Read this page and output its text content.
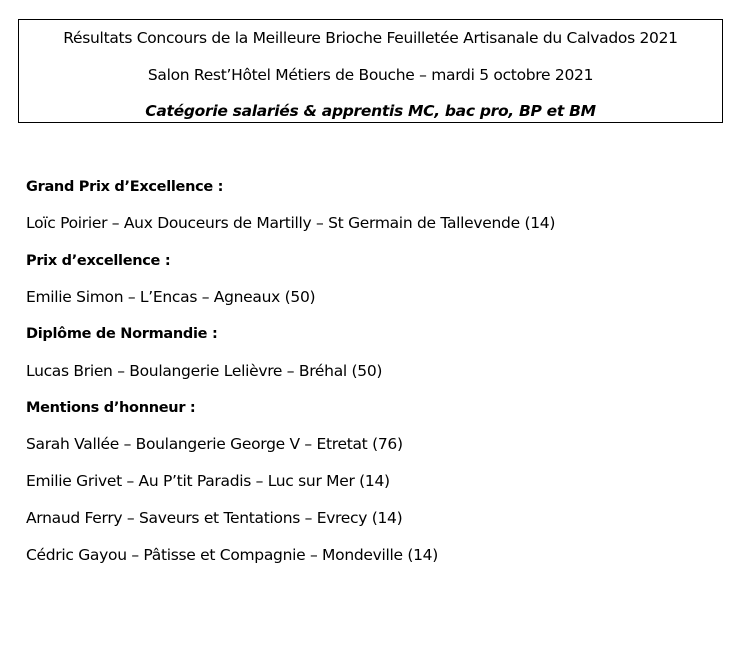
Résultats Concours de la Meilleure Brioche Feuilletée Artisanale du Calvados 2021
Salon Rest’Hôtel Métiers de Bouche – mardi 5 octobre 2021
Catégorie salariés & apprentis MC, bac pro, BP et BM
Grand Prix d’Excellence :
Loïc Poirier – Aux Douceurs de Martilly – St Germain de Tallevende (14)
Prix d’excellence :
Emilie Simon – L’Encas – Agneaux (50)
Diplôme de Normandie :
Lucas Brien – Boulangerie Lelièvre – Bréhal (50)
Mentions d’honneur :
Sarah Vallée – Boulangerie George V – Etretat (76)
Emilie Grivet – Au P’tit Paradis – Luc sur Mer (14)
Arnaud Ferry – Saveurs et Tentations – Evrecy (14)
Cédric Gayou – Pâtisse et Compagnie – Mondeville (14)
